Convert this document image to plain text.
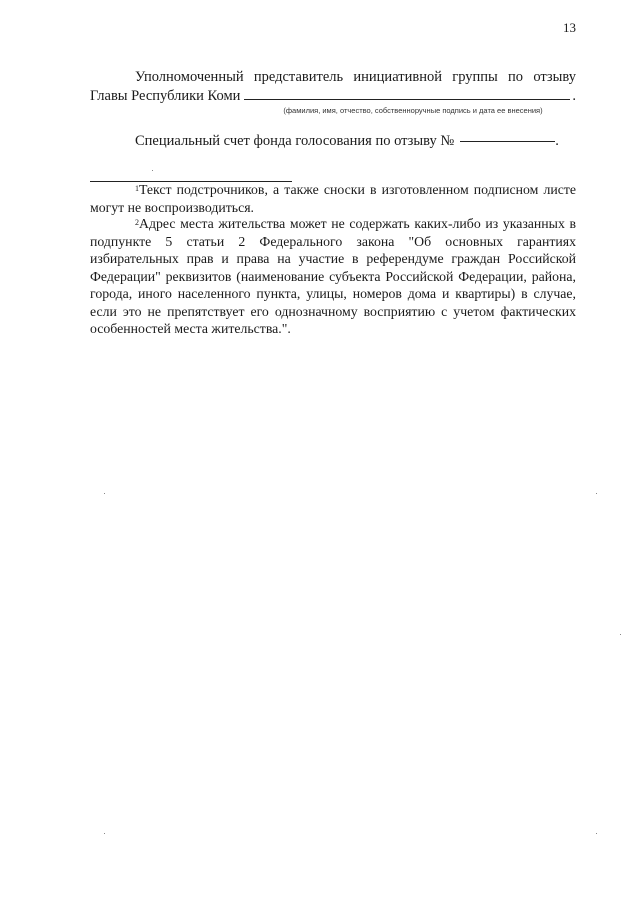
13
Уполномоченный представитель инициативной группы по отзыву
Главы Республики Коми	.
(фамилия, имя, отчество, собственноручные подпись и дата ее внесения)
Специальный счет фонда голосования по отзыву №	.
$^1$Текст подстрочников, а также сноски в изготовленном подписном листе могут не воспроизводиться.
$^2$Адрес места жительства может не содержать каких-либо из указанных в подпункте 5 статьи 2 Федерального закона "Об основных гарантиях избирательных прав и права на участие в референдуме граждан Российской Федерации" реквизитов (наименование субъекта Российской Федерации, района, города, иного населенного пункта, улицы, номеров дома и квартиры) в случае, если это не препятствует его однозначному восприятию с учетом фактических особенностей места жительства.".
